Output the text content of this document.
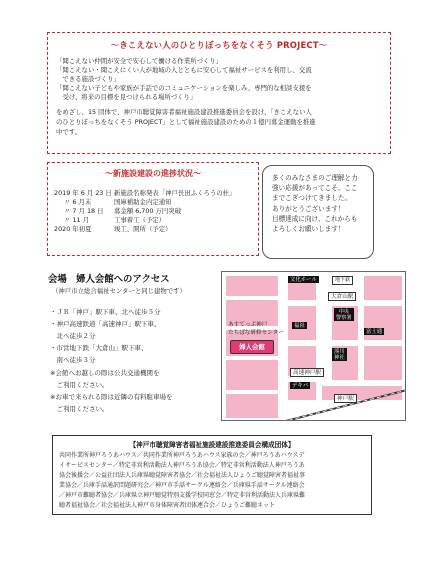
～きこえない人のひとりぼっちをなくそう PROJECT～
「聞こえない仲間が安全で安心して働ける作業所づくり」
「聞こえない・聞こえにくい人が地域の人とともに安心して福祉サービスを利用し、交流
　できる施設づくり」
「聞こえない子どもや家族が手話でのコミュニケーションを楽しみ、専門的な相談支援を
　受け、将来の目標を見つけられる場所づくり」
をめざし、15 団体で、神戸市聴覚障害者福祉施設建設推進委員会を設け、「きこえない人
のひとりぼっちをなくそう PROJECT」として福祉施設建設のための１億円募金運動を推進
中です。
～新施設建設の進捗状況～
2019 年 6 月 23 日 新施設名称発表「神戸長田ふくろうの杜」
〃 6 月末	国庫補助金内定通知
〃 7 月 18 日 募金額 6,700 万円突破
〃 11 月	工事着工（予定）
2020 年初夏	竣工、開所（予定）
多くのみなさまのご理解と力
強い応援があってこそ、ここ
までこぎつけてきました。
ありがとうございます！
目標達成に向け、これからも
よろしくお願いします！
会場　婦人会館へのアクセス
（神戸市立総合福祉センターと同じ建物です）
・ＪＲ「神戸」駅下車、北へ徒歩５分
・神戸高速鉄道「高速神戸」駅下車、
　北へ徒歩２分
・市営地下鉄「大倉山」駅下車、
　南へ徒歩３分
※会館へお越しの際は公共交通機関を
　ご利用ください。
※お車で来られる際は近隣の有料駐車場を
　ご利用ください。
文化ホール	地下鉄
大倉山駅
中央
警察署
富士通
あすてっぷ神戸
たちばな研修センター
婦人会館
福祉
湊川
神社
高速神戸駅
デキバ
神戸駅
【神戸市聴覚障害者福祉施設建設推進委員会構成団体】
共同作業所神戸ろうあハウス／共同作業所神戸ろうあハウス家族の会／神戸ろうあハウスデ
イサービスセンター／特定非営利活動法人神戸ろうあ協会／特定非営利活動法人神戸ろうあ
協会後援会／公益社団法人兵庫県聴覚障害者協会／社会福祉法人ひょうご聴覚障害者福祉事
業協会／兵庫手話通訳問題研究会／神戸市手話サークル連絡会／兵庫県手話サークル連絡会
／神戸市難聴者協会／兵庫県立神戸聴覚特別支援学校同窓会／特定非営利活動法人兵庫県難
聴者福祉協会／社会福祉法人神戸市身体障害者団体連合会／ひょうご難聴ネット
